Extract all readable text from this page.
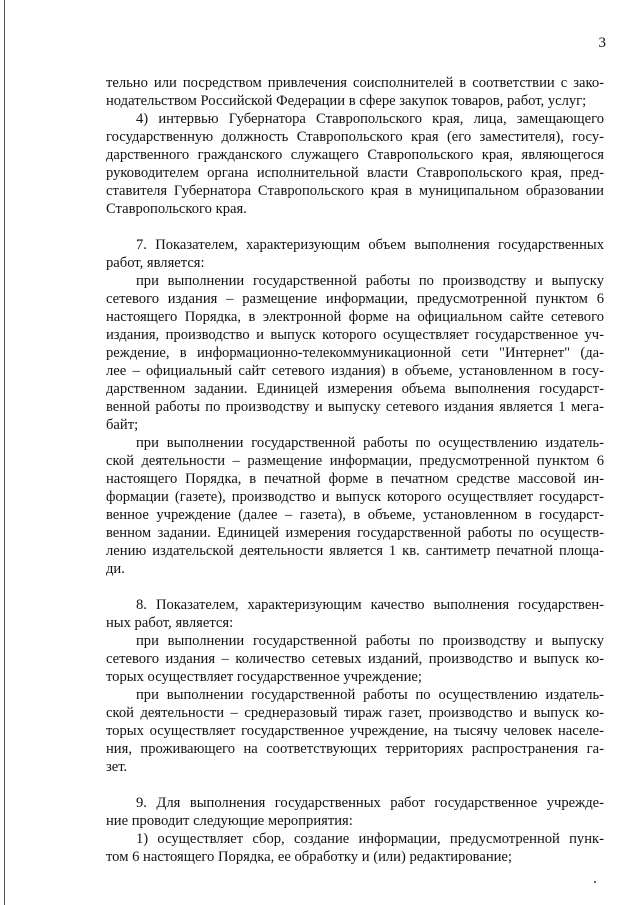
3
тельно или посредством привлечения соисполнителей в соответствии с зако-
нодательством Российской Федерации в сфере закупок товаров, работ, услуг;
4) интервью Губернатора Ставропольского края, лица, замещающего
государственную должность Ставропольского края (его заместителя), госу-
дарственного гражданского служащего Ставропольского края, являющегося
руководителем органа исполнительной власти Ставропольского края, пред-
ставителя Губернатора Ставропольского края в муниципальном образовании
Ставропольского края.
7. Показателем, характеризующим объем выполнения государственных
работ, является:
при выполнении государственной работы по производству и выпуску
сетевого издания – размещение информации, предусмотренной пунктом 6
настоящего Порядка, в электронной форме на официальном сайте сетевого
издания, производство и выпуск которого осуществляет государственное уч-
реждение, в информационно-телекоммуникационной сети "Интернет" (да-
лее – официальный сайт сетевого издания) в объеме, установленном в госу-
дарственном задании. Единицей измерения объема выполнения государст-
венной работы по производству и выпуску сетевого издания является 1 мега-
байт;
при выполнении государственной работы по осуществлению издатель-
ской деятельности – размещение информации, предусмотренной пунктом 6
настоящего Порядка, в печатной форме в печатном средстве массовой ин-
формации (газете), производство и выпуск которого осуществляет государст-
венное учреждение (далее – газета), в объеме, установленном в государст-
венном задании. Единицей измерения государственной работы по осуществ-
лению издательской деятельности является 1 кв. сантиметр печатной площа-
ди.
8. Показателем, характеризующим качество выполнения государствен-
ных работ, является:
при выполнении государственной работы по производству и выпуску
сетевого издания – количество сетевых изданий, производство и выпуск ко-
торых осуществляет государственное учреждение;
при выполнении государственной работы по осуществлению издатель-
ской деятельности – среднеразовый тираж газет, производство и выпуск ко-
торых осуществляет государственное учреждение, на тысячу человек населе-
ния, проживающего на соответствующих территориях распространения га-
зет.
9. Для выполнения государственных работ государственное учрежде-
ние проводит следующие мероприятия:
1) осуществляет сбор, создание информации, предусмотренной пунк-
том 6 настоящего Порядка, ее обработку и (или) редактирование;
